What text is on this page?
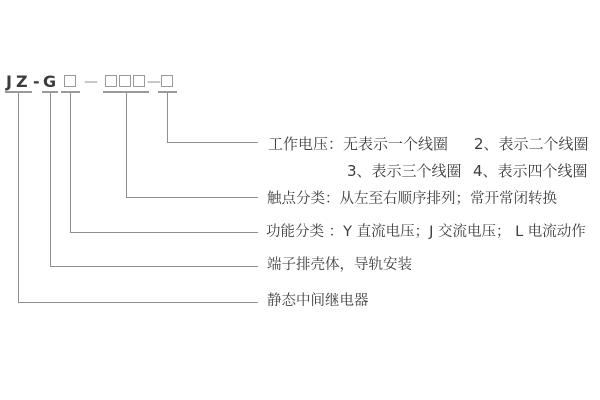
JZ - G —	—
工作电压：无表示一个线圈 2、表示二个线圈
3、表示三个线圈 4、表示四个线圈
触点分类：从左至右顺序排列；常开常闭转换
功能分类 ：Y 直流电压；J 交流电压； L 电流动作
端子排壳体，导轨安装
静态中间继电器
